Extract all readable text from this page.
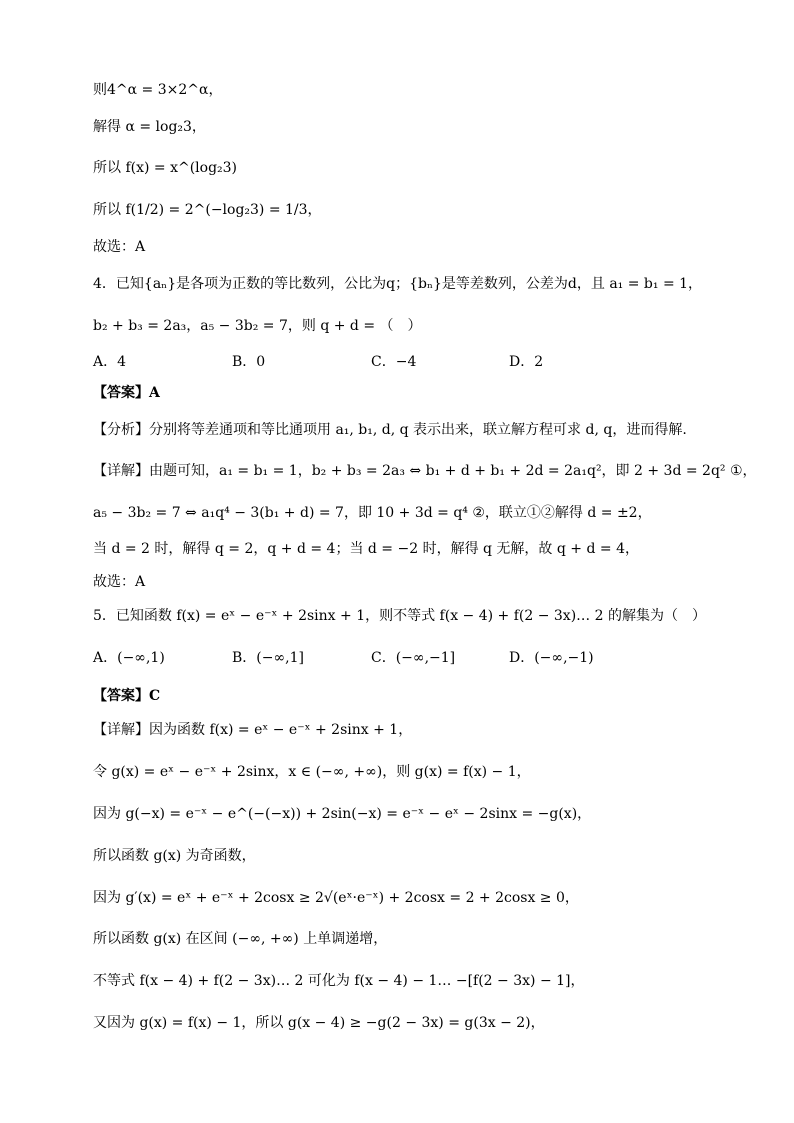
则4^α = 3×2^α，
解得 α = log₂3，
所以 f(x) = x^(log₂3)
所以 f(1/2) = 2^(−log₂3) = 1/3，
故选：A
4．已知{aₙ}是各项为正数的等比数列，公比为q；{bₙ}是等差数列，公差为d，且 a₁ = b₁ = 1，
b₂ + b₃ = 2a₃，a₅ − 3b₂ = 7，则 q + d = （　）
A．4	B．0	C．−4	D．2
【答案】A
【分析】分别将等差通项和等比通项用 a₁, b₁, d, q 表示出来，联立解方程可求 d, q，进而得解.
【详解】由题可知，a₁ = b₁ = 1，b₂ + b₃ = 2a₃ ⇔ b₁ + d + b₁ + 2d = 2a₁q²，即 2 + 3d = 2q² ①，
a₅ − 3b₂ = 7 ⇔ a₁q⁴ − 3(b₁ + d) = 7，即 10 + 3d = q⁴ ②，联立①②解得 d = ±2，
当 d = 2 时，解得 q = 2，q + d = 4；当 d = −2 时，解得 q 无解，故 q + d = 4，
故选：A
5．已知函数 f(x) = eˣ − e⁻ˣ + 2sinx + 1，则不等式 f(x − 4) + f(2 − 3x)… 2 的解集为（　）
A．(−∞,1)	B．(−∞,1]	C．(−∞,−1]	D．(−∞,−1)
【答案】C
【详解】因为函数 f(x) = eˣ − e⁻ˣ + 2sinx + 1，
令 g(x) = eˣ − e⁻ˣ + 2sinx，x ∈ (−∞, +∞)，则 g(x) = f(x) − 1，
因为 g(−x) = e⁻ˣ − e^(−(−x)) + 2sin(−x) = e⁻ˣ − eˣ − 2sinx = −g(x)，
所以函数 g(x) 为奇函数，
因为 g′(x) = eˣ + e⁻ˣ + 2cosx ≥ 2√(eˣ·e⁻ˣ) + 2cosx = 2 + 2cosx ≥ 0，
所以函数 g(x) 在区间 (−∞, +∞) 上单调递增，
不等式 f(x − 4) + f(2 − 3x)… 2 可化为 f(x − 4) − 1… −[f(2 − 3x) − 1]，
又因为 g(x) = f(x) − 1，所以 g(x − 4) ≥ −g(2 − 3x) = g(3x − 2)，
